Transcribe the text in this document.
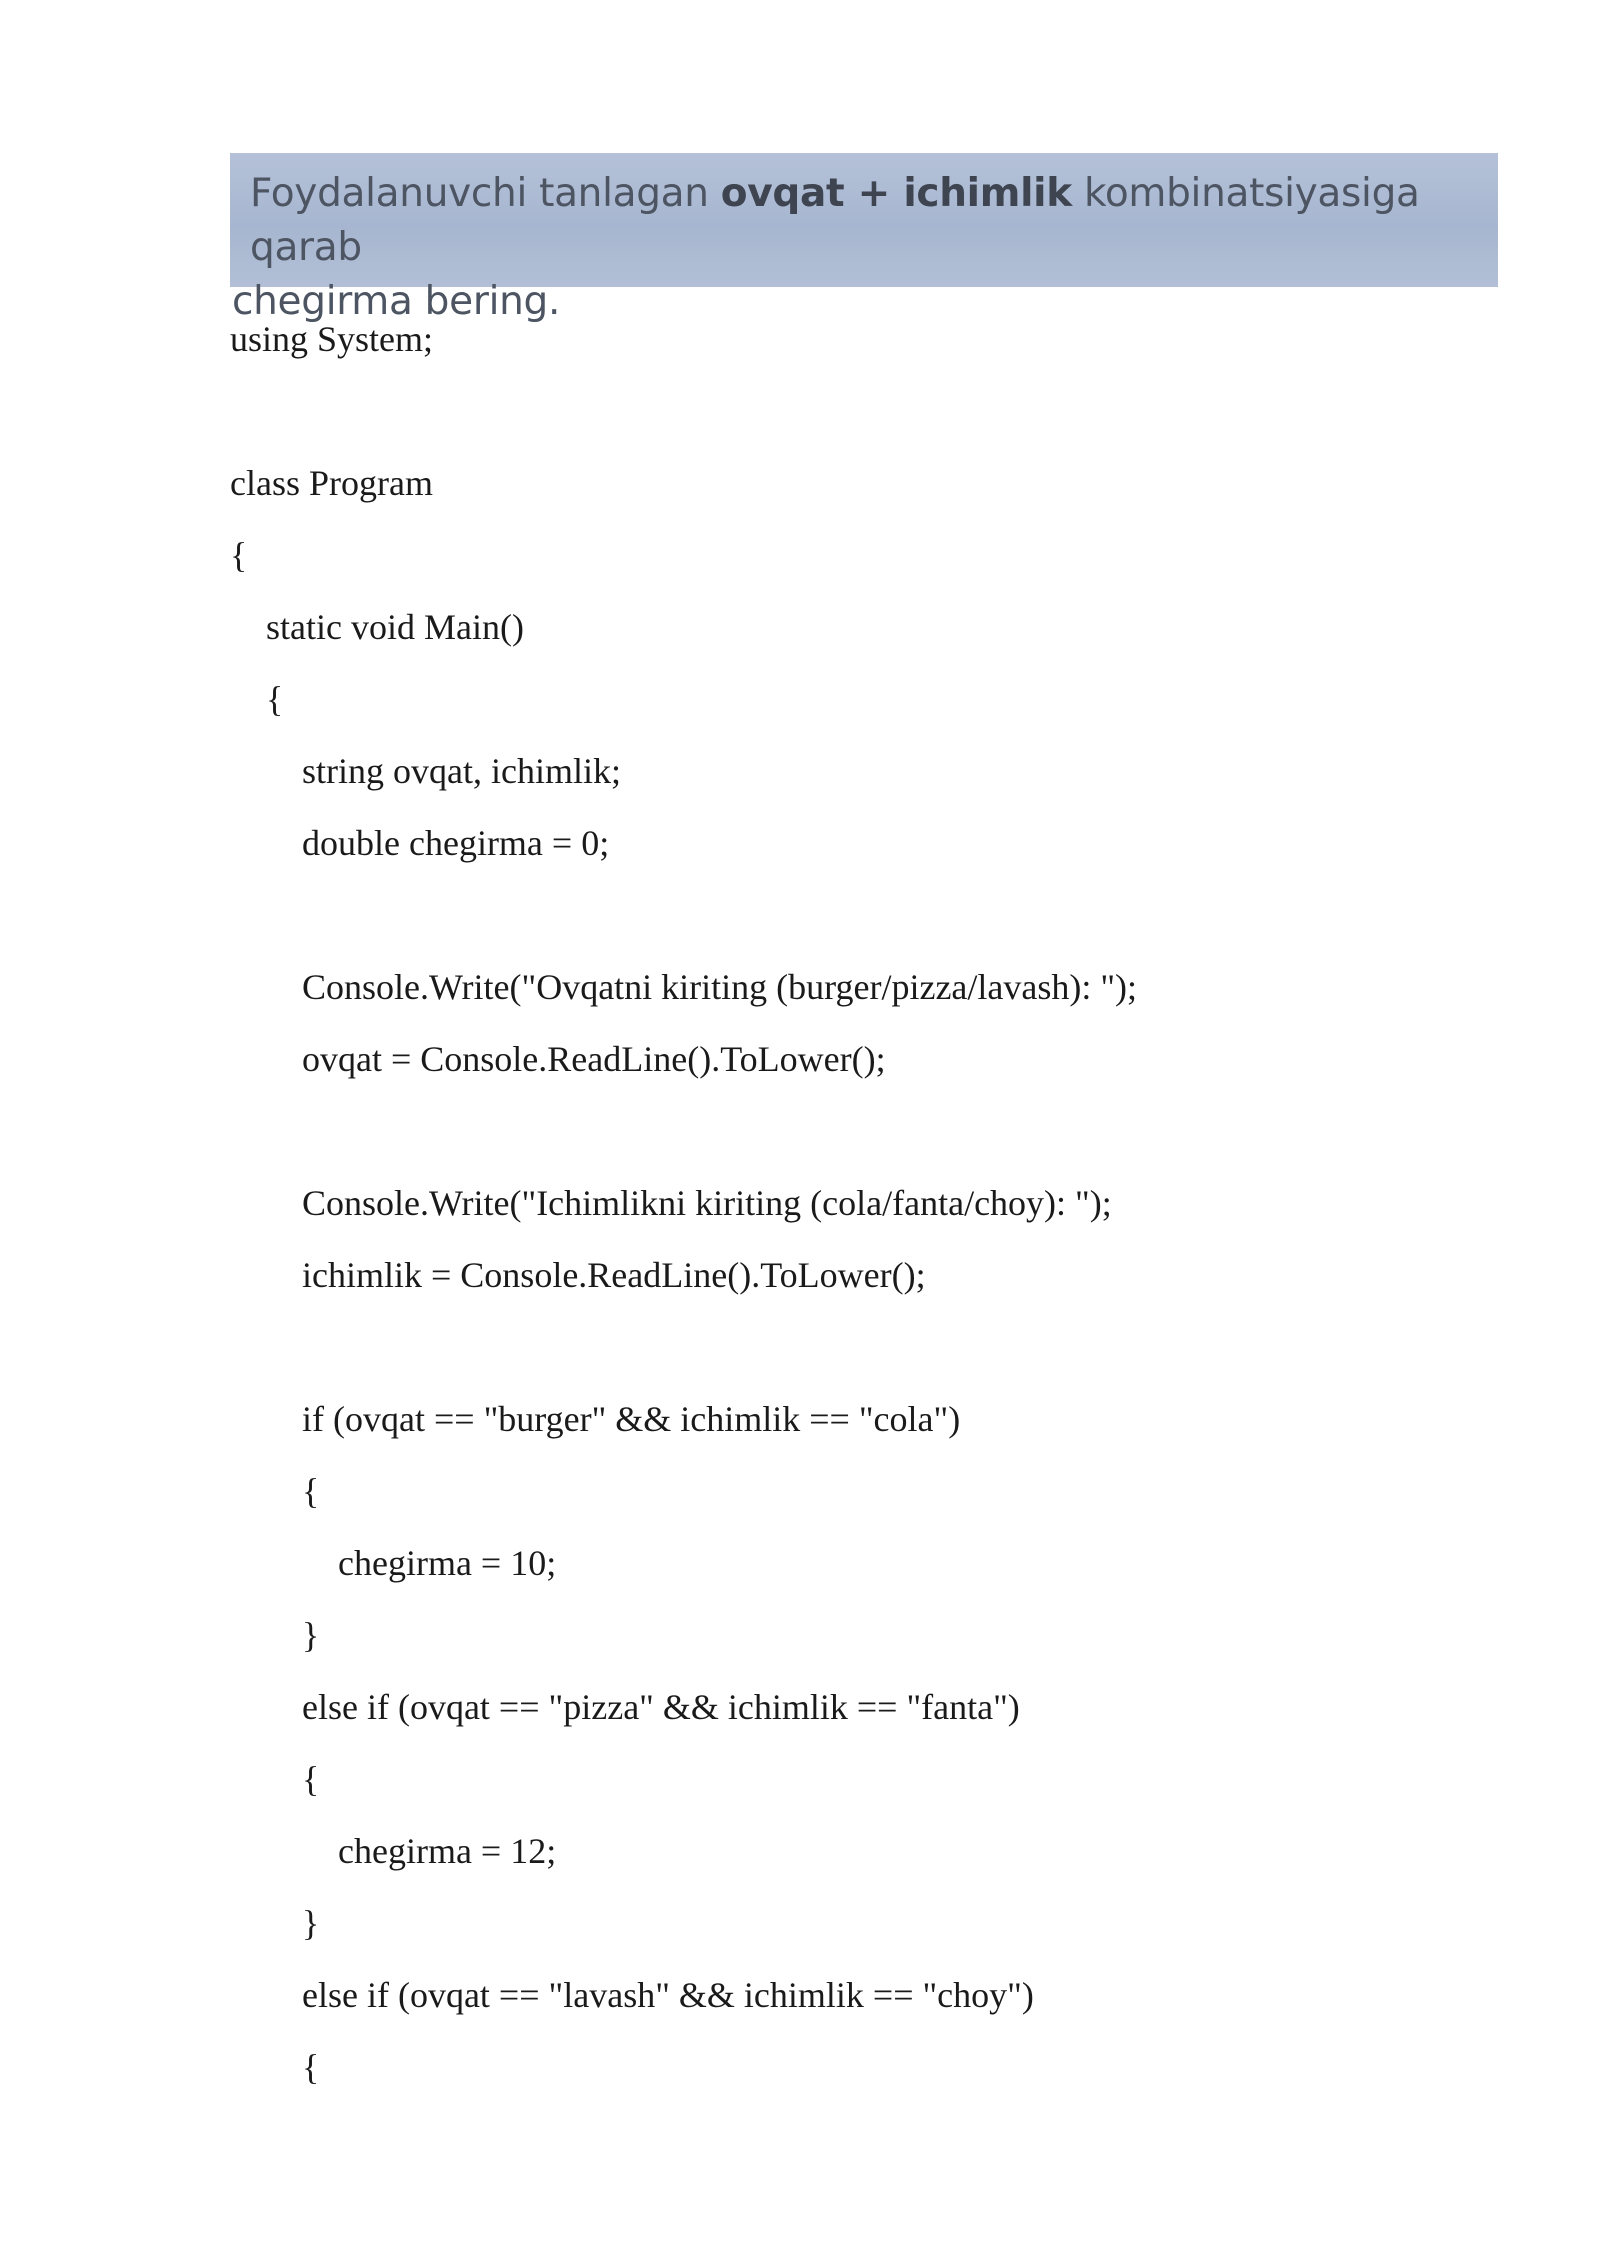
Foydalanuvchi tanlagan ovqat + ichimlik kombinatsiyasiga qarab
chegirma bering.
using System;
class Program
{
static void Main()
{
string ovqat, ichimlik;
double chegirma = 0;
Console.Write("Ovqatni kiriting (burger/pizza/lavash): ");
ovqat = Console.ReadLine().ToLower();
Console.Write("Ichimlikni kiriting (cola/fanta/choy): ");
ichimlik = Console.ReadLine().ToLower();
if (ovqat == "burger" && ichimlik == "cola")
{
chegirma = 10;
}
else if (ovqat == "pizza" && ichimlik == "fanta")
{
chegirma = 12;
}
else if (ovqat == "lavash" && ichimlik == "choy")
{
